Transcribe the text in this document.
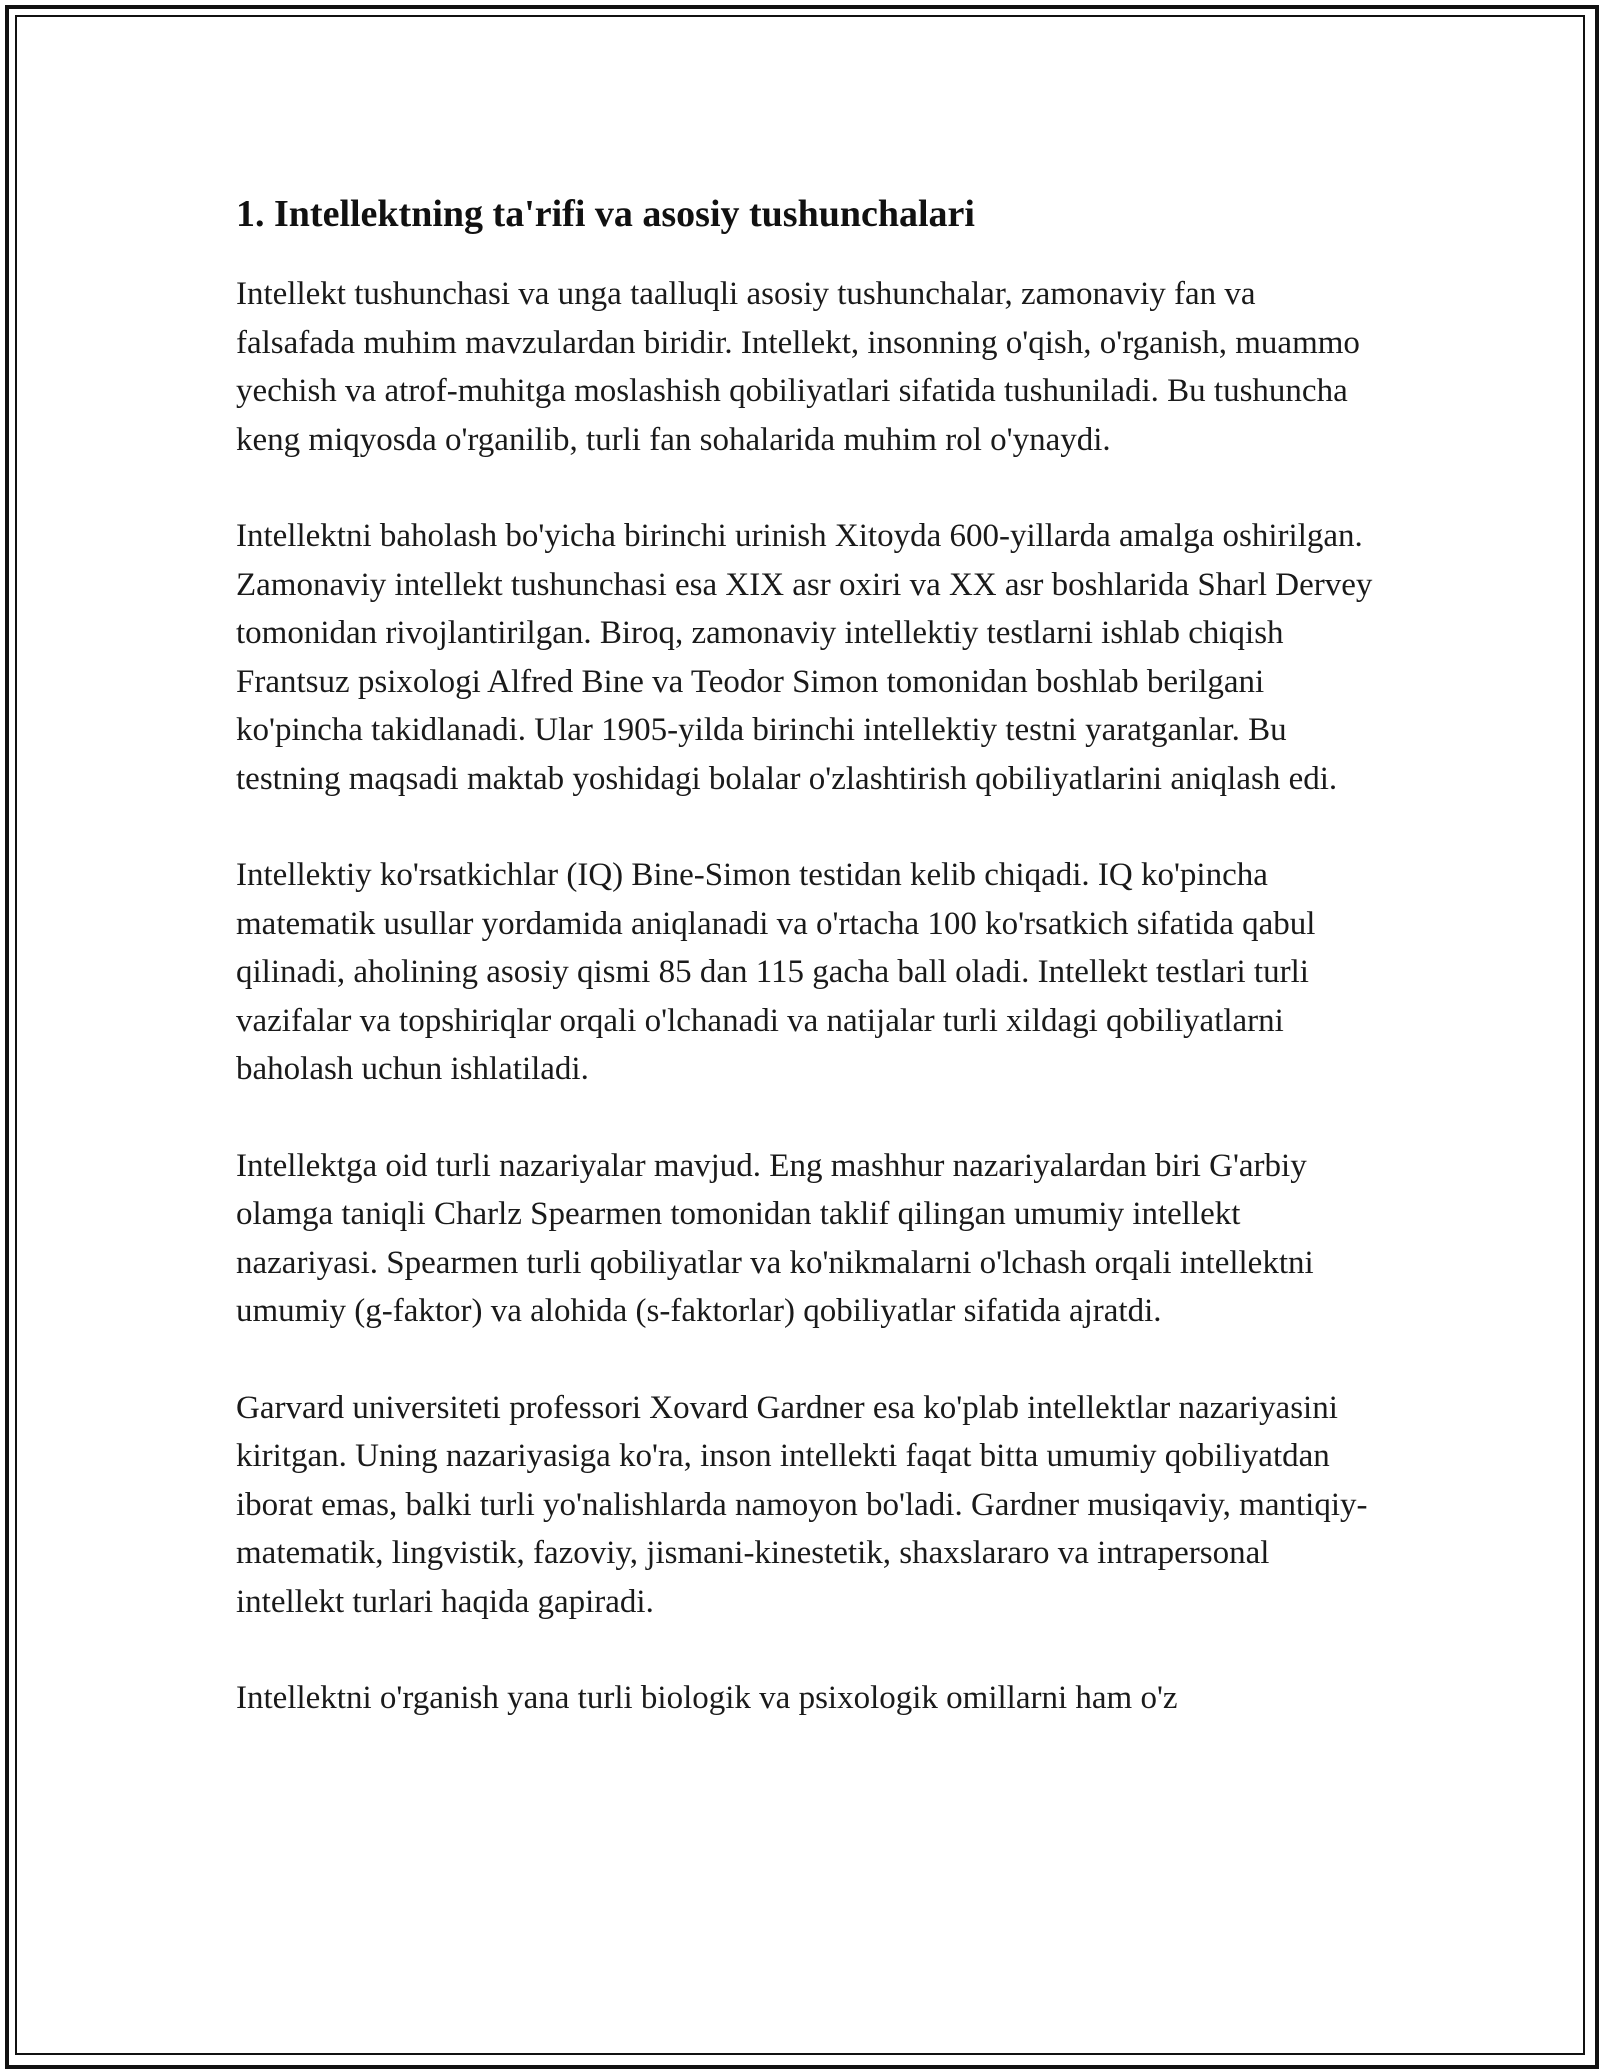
1. Intellektning ta'rifi va asosiy tushunchalari

Intellekt tushunchasi va unga taalluqli asosiy tushunchalar, zamonaviy fan va falsafada muhim mavzulardan biridir. Intellekt, insonning o'qish, o'rganish, muammo yechish va atrof-muhitga moslashish qobiliyatlari sifatida tushuniladi. Bu tushuncha keng miqyosda o'rganilib, turli fan sohalarida muhim rol o'ynaydi.

Intellektni baholash bo'yicha birinchi urinish Xitoyda 600-yillarda amalga oshirilgan. Zamonaviy intellekt tushunchasi esa XIX asr oxiri va XX asr boshlarida Sharl Dervey tomonidan rivojlantirilgan. Biroq, zamonaviy intellektiy testlarni ishlab chiqish Frantsuz psixologi Alfred Bine va Teodor Simon tomonidan boshlab berilgani ko'pincha takidlanadi. Ular 1905-yilda birinchi intellektiy testni yaratganlar. Bu testning maqsadi maktab yoshidagi bolalar o'zlashtirish qobiliyatlarini aniqlash edi.

Intellektiy ko'rsatkichlar (IQ) Bine-Simon testidan kelib chiqadi. IQ ko'pincha matematik usullar yordamida aniqlanadi va o'rtacha 100 ko'rsatkich sifatida qabul qilinadi, aholining asosiy qismi 85 dan 115 gacha ball oladi. Intellekt testlari turli vazifalar va topshiriqlar orqali o'lchanadi va natijalar turli xildagi qobiliyatlarni baholash uchun ishlatiladi.

Intellektga oid turli nazariyalar mavjud. Eng mashhur nazariyalardan biri G'arbiy olamga taniqli Charlz Spearmen tomonidan taklif qilingan umumiy intellekt nazariyasi. Spearmen turli qobiliyatlar va ko'nikmalarni o'lchash orqali intellektni umumiy (g-faktor) va alohida (s-faktorlar) qobiliyatlar sifatida ajratdi.

Garvard universiteti professori Xovard Gardner esa ko'plab intellektlar nazariyasini kiritgan. Uning nazariyasiga ko'ra, inson intellekti faqat bitta umumiy qobiliyatdan iborat emas, balki turli yo'nalishlarda namoyon bo'ladi. Gardner musiqaviy, mantiqiy-matematik, lingvistik, fazoviy, jismani-kinestetik, shaxslararo va intrapersonal intellekt turlari haqida gapiradi.

Intellektni o'rganish yana turli biologik va psixologik omillarni ham o'z
